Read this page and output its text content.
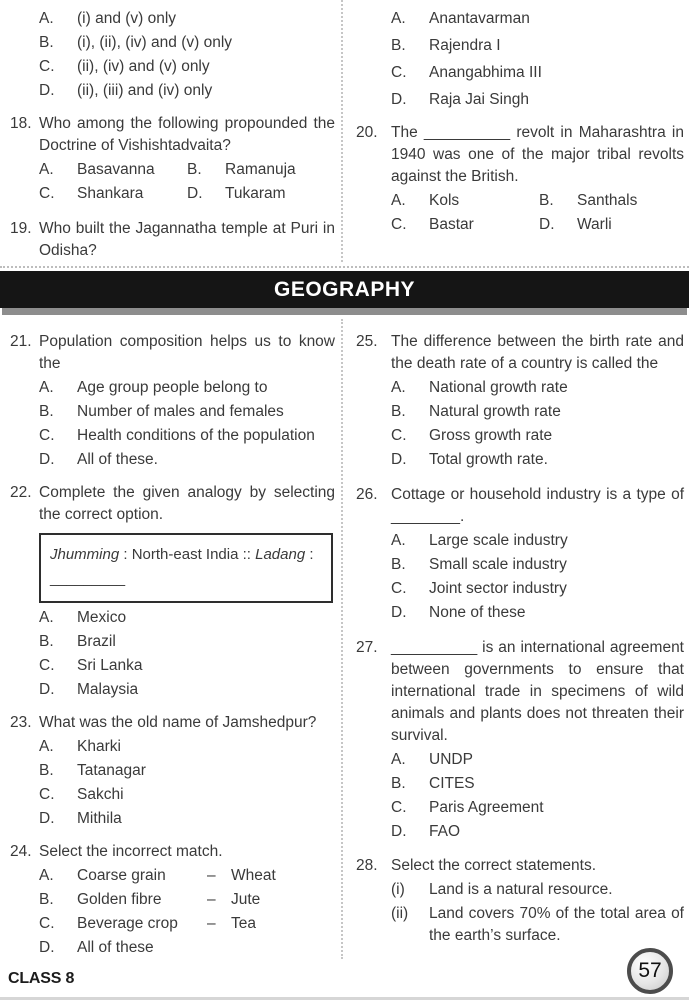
A.	(i) and (v) only
B.	(i), (ii), (iv) and (v) only
C.	(ii), (iv) and (v) only
D.	(ii), (iii) and (iv) only
18. Who among the following propounded the Doctrine of Vishishtadvaita?
A.	Basavanna	B.	Ramanuja
C.	Shankara	D.	Tukaram
19. Who built the Jagannatha temple at Puri in Odisha?
A.	Anantavarman
B.	Rajendra I
C.	Anangabhima III
D.	Raja Jai Singh
20. The __________ revolt in Maharashtra in 1940 was one of the major tribal revolts against the British.
A.	Kols	B.	Santhals
C.	Bastar	D.	Warli
GEOGRAPHY
21. Population composition helps us to know the
A.	Age group people belong to
B.	Number of males and females
C.	Health conditions of the population
D.	All of these.
22. Complete the given analogy by selecting the correct option.
Jhumming : North-east India :: Ladang :
_________
A.	Mexico
B.	Brazil
C.	Sri Lanka
D.	Malaysia
23. What was the old name of Jamshedpur?
A.	Kharki
B.	Tatanagar
C.	Sakchi
D.	Mithila
24. Select the incorrect match.
A.	Coarse grain	– Wheat
B.	Golden fibre	– Jute
C.	Beverage crop	– Tea
D.	All of these
25. The difference between the birth rate and the death rate of a country is called the
A.	National growth rate
B.	Natural growth rate
C.	Gross growth rate
D.	Total growth rate.
26. Cottage or household industry is a type of ________.
A.	Large scale industry
B.	Small scale industry
C.	Joint sector industry
D.	None of these
27. __________ is an international agreement between governments to ensure that international trade in specimens of wild animals and plants does not threaten their survival.
A.	UNDP
B.	CITES
C.	Paris Agreement
D.	FAO
28. Select the correct statements.
(i)	Land is a natural resource.
(ii)	Land covers 70% of the total area of the earth’s surface.
CLASS 8	57
